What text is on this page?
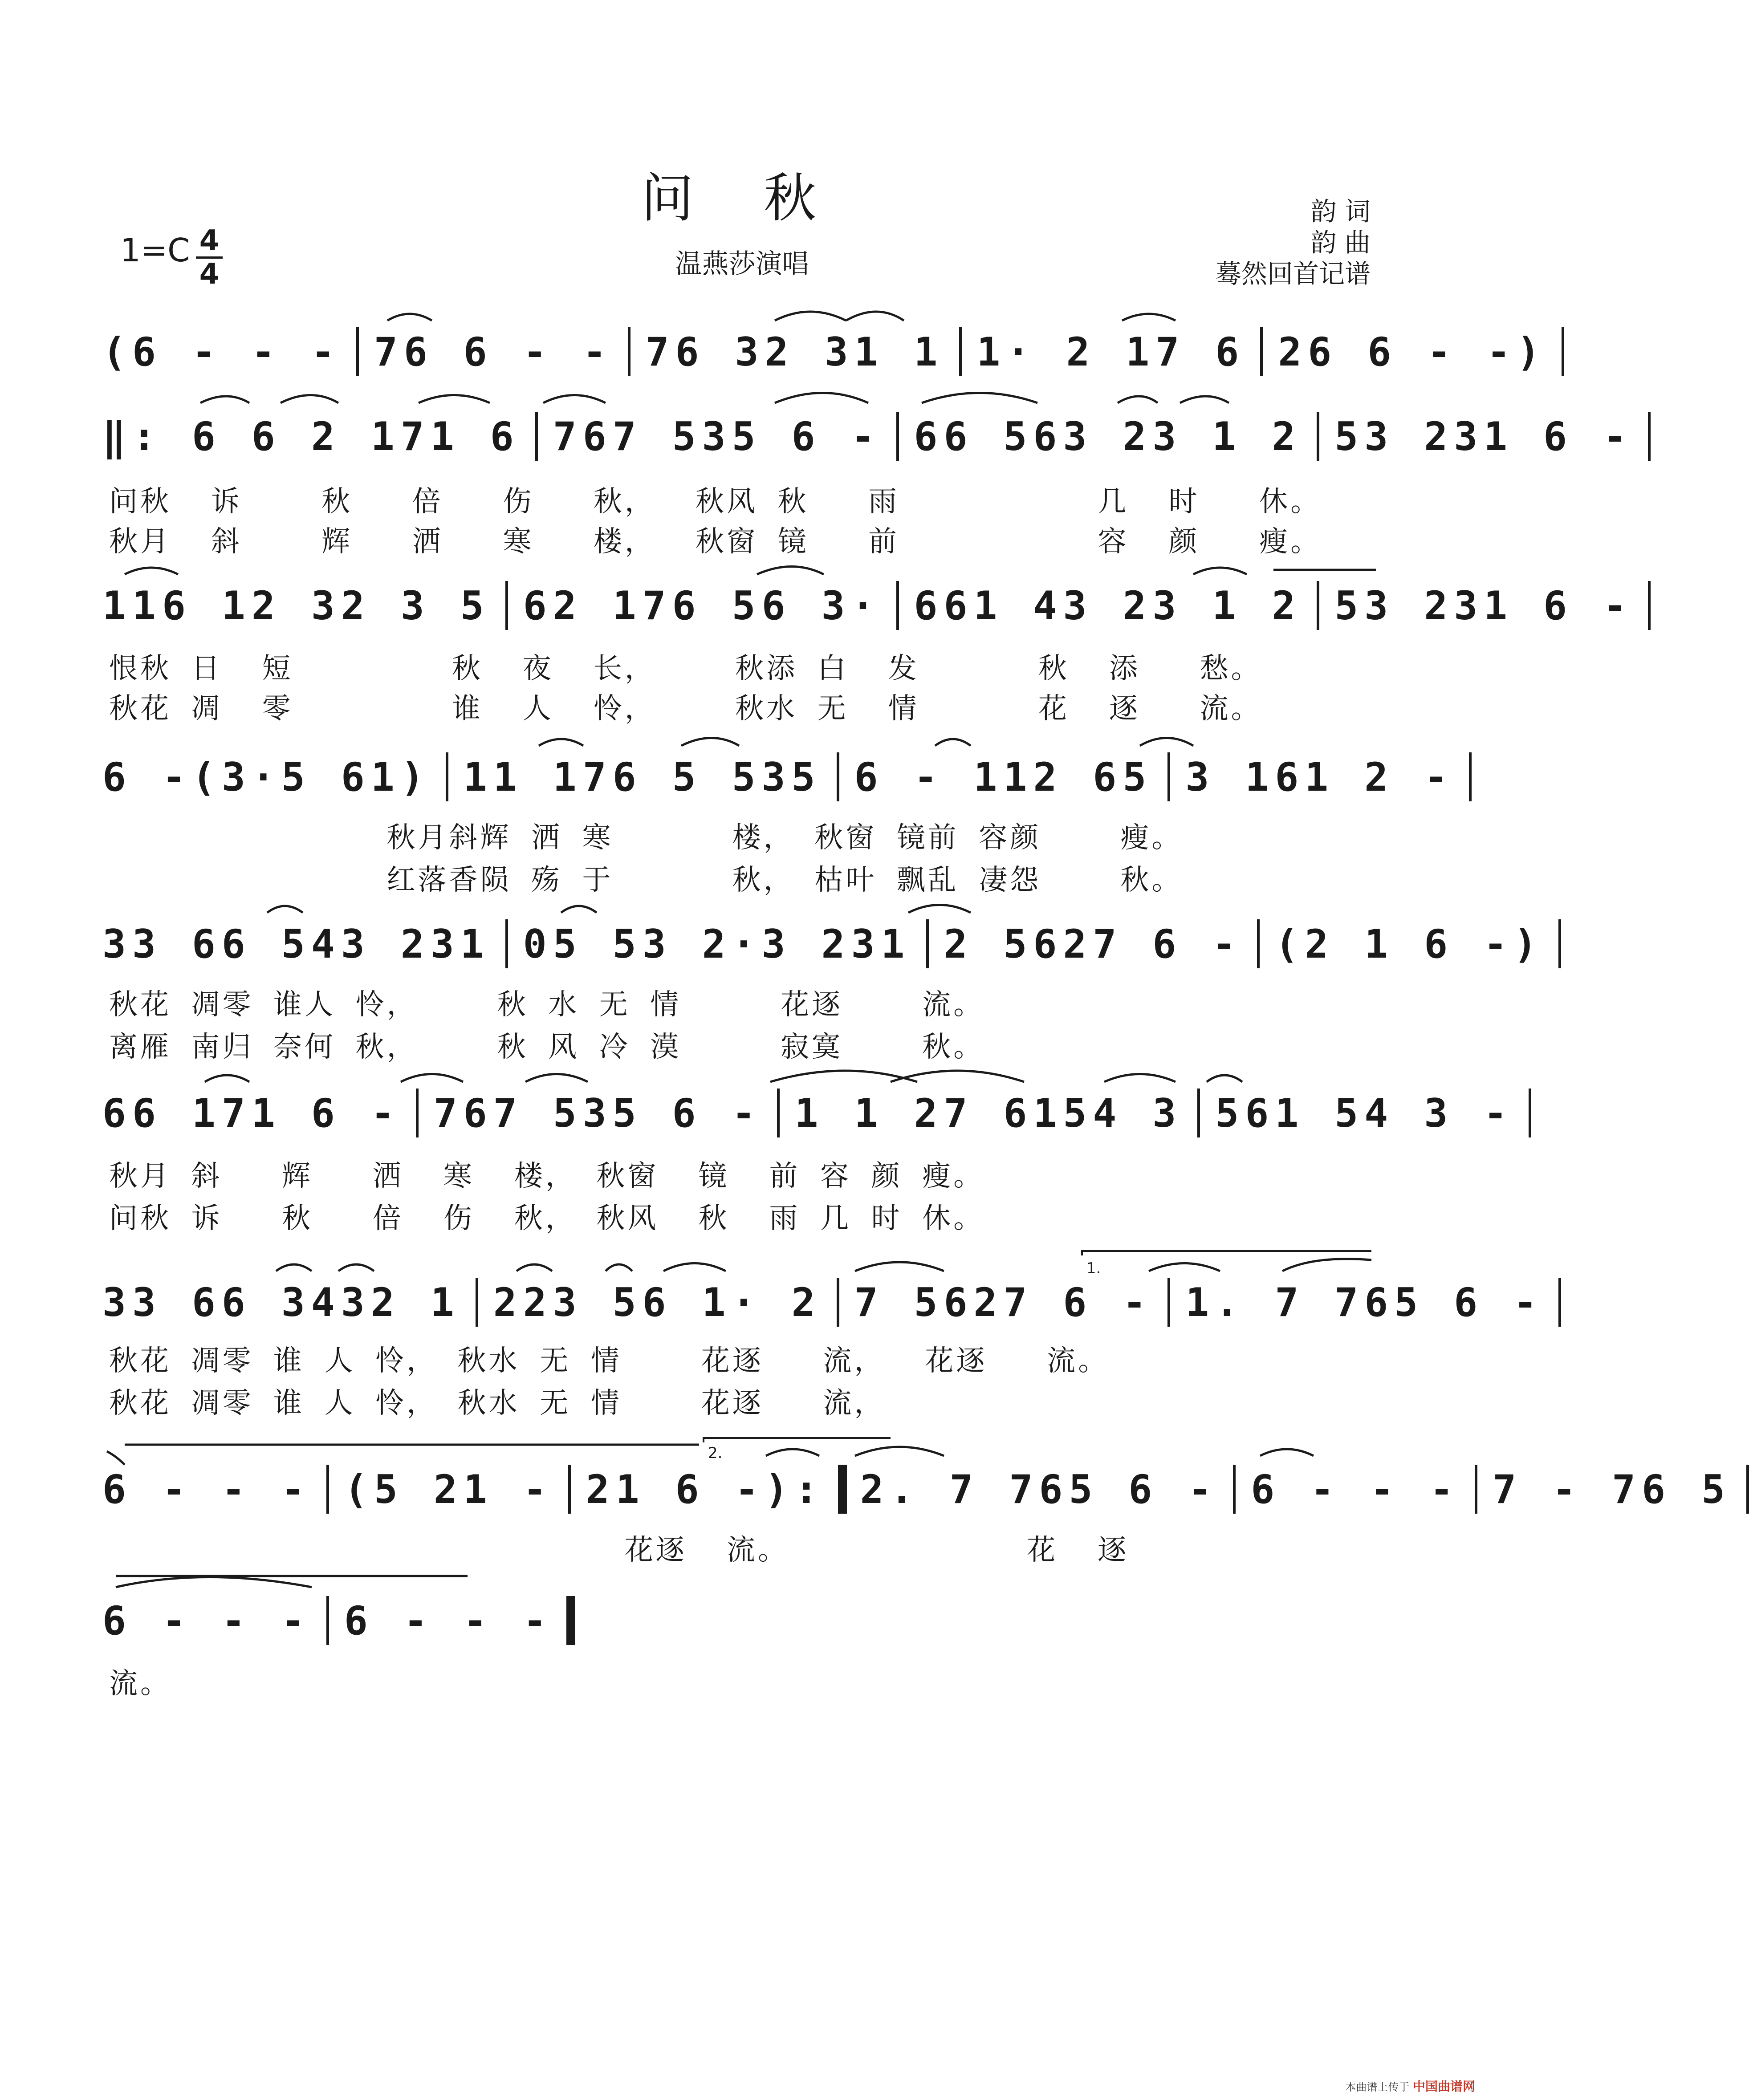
问 秋
1=C 4
4	温燕莎演唱
韵 词
韵 曲
蓦然回首记谱
(6 - - - 76 6 - - 76 32 31 1 1· 2 17 6 26 6 - -)
‖: 6 6 2 171 6 767 535 6 - 66 563 23 1 2 53 231 6 -
问秋  诉    秋   倍   伤   秋，  秋风 秋   雨          几  时   休。
秋月  斜    辉   洒   寒   楼，  秋窗 镜   前          容  颜   瘦。
116 12 32 3 5 62 176 56 3· 661 43 23 1 2 53 231 6 -
恨秋 日  短        秋  夜  长，    秋添 白  发      秋  添   愁。
秋花 凋  零        谁  人  怜，    秋水 无  情      花  逐   流。
6 -(3·5 61) 11 176 5 535 6 - 112 65 3 161 2 -
秋月斜辉 洒 寒      楼， 秋窗 镜前 容颜    瘦。
红落香陨 殇 于      秋， 枯叶 飘乱 凄怨    秋。
33 66 543 231 05 53 2·3 231 2 5627 6 - (2 1 6 -)
秋花 凋零 谁人 怜，    秋 水 无 情     花逐    流。
离雁 南归 奈何 秋，    秋 风 冷 漠     寂寞    秋。
66 171 6 - 767 535 6 - 1 1 27 6154 3 561 54 3 -
秋月 斜   辉   洒  寒  楼， 秋窗  镜  前 容 颜 瘦。
问秋 诉   秋   倍  伤  秋， 秋风  秋  雨 几 时 休。
33 66 3432 1 223 56 1· 2 7 5627 6 - 1. 7 765 6 -
秋花 凋零 谁 人 怜， 秋水 无 情    花逐   流，  花逐   流。
秋花 凋零 谁 人 怜， 秋水 无 情    花逐   流，
6 - - - (5 21 - 21 6 -): 2. 7 765 6 - 6 - - - 7 - 76 5
花逐  流。            花  逐
6 - - - 6 - - -
流。
1.
2.
本曲谱上传于 中国曲谱网
